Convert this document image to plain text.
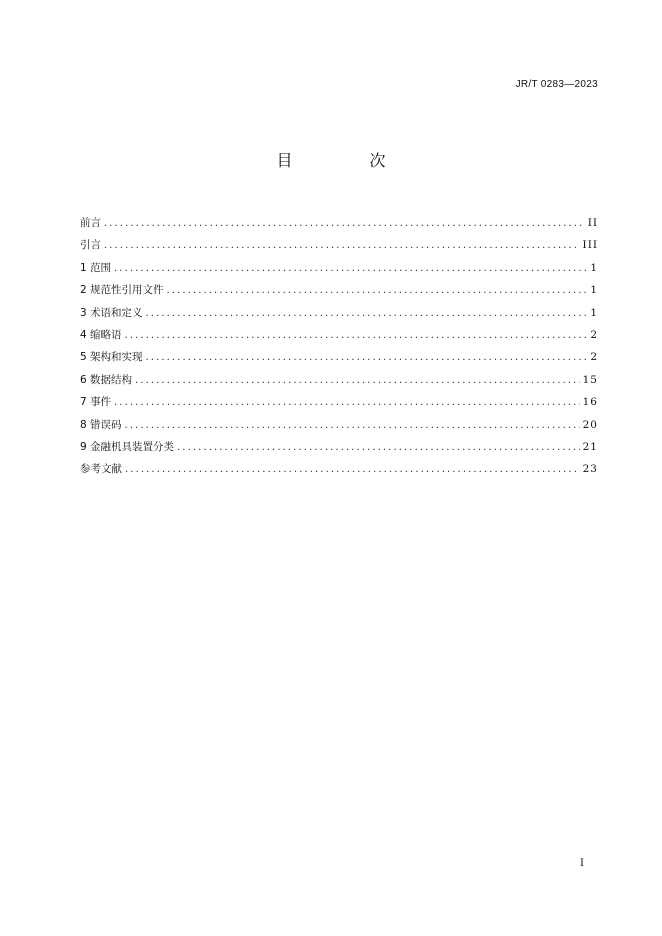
JR/T 0283—2023
目 次
前言 .....	II
引言 .....	III
1 范围 .....	1
2 规范性引用文件 .....	1
3 术语和定义 .....	1
4 缩略语 .....	2
5 架构和实现 .....	2
6 数据结构 .....	15
7 事件 .....	16
8 错误码 .....	20
9 金融机具装置分类 .....	21
参考文献 .....	23
I
